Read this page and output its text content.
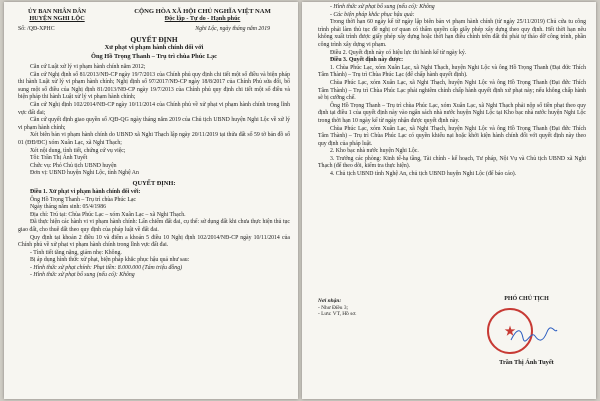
ỦY BAN NHÂN DÂN
HUYỆN NGHI LỘC
CỘNG HÒA XÃ HỘI CHỦ NGHĨA VIỆT NAM
Độc lập - Tự do - Hạnh phúc
Số: /QĐ-XPHC	Nghi Lộc, ngày tháng năm 2019
QUYẾT ĐỊNH
Xử phạt vi phạm hành chính đối với
Ông Hồ Trọng Thanh – Trụ trì chùa Phúc Lạc

Căn cứ Luật xử lý vi phạm hành chính năm 2012;

Căn cứ Nghị định số 81/2013/NĐ-CP ngày 19/7/2013 của Chính phủ quy định chi tiết một số điều và biện pháp thi hành Luật xử lý vi phạm hành chính; Nghị định số 97/2017/NĐ-CP ngày 18/8/2017 của Chính Phủ sửa đổi, bổ sung một số điều của Nghị định 81/2013/NĐ-CP ngày 19/7/2013 của Chính phủ quy định chi tiết một số điều và biện pháp thi hành Luật xử lý vi phạm hành chính;

Căn cứ Nghị định 102/2014/NĐ-CP ngày 10/11/2014 của Chính phủ về xử phạt vi phạm hành chính trong lĩnh vực đất đai;

Căn cứ quyết định giao quyền số /QĐ-QG ngày tháng năm 2019 của Chủ tịch UBND huyện Nghi Lộc về xử lý vi phạm hành chính;

Xét biên bản vi phạm hành chính do UBND xã Nghi Thạch lập ngày 20/11/2019 tại thửa đất số 59 tờ bản đồ số 01 (ĐĐ/ĐC) xóm Xuân Lạc, xã Nghi Thạch;

Xét nội dung, tình tiết, chứng cứ vụ việc;

Tôi: Trần Thị Ánh Tuyết

Chức vụ: Phó Chủ tịch UBND huyện

Đơn vị: UBND huyện Nghi Lộc, tỉnh Nghệ An

QUYẾT ĐỊNH:

Điều 1. Xử phạt vi phạm hành chính đối với:

Ông Hồ Trọng Thanh – Trụ trì chùa Phúc Lạc

Ngày tháng năm sinh: 05/4/1986

Địa chỉ: Trú tại: Chùa Phúc Lạc – xóm Xuân Lạc – xã Nghi Thạch.

Đã thực hiện các hành vi vi phạm hành chính: Lấn chiếm đất đai, cụ thể: sử dụng đất khi chưa thực hiện thủ tục giao đất, cho thuê đất theo quy định của pháp luật về đất đai.

Quy định tại khoản 2 điều 10 và điểm a khoản 5 điều 10 Nghị định 102/2014/NĐ-CP ngày 10/11/2014 của Chính phủ về xử phạt vi phạm hành chính trong lĩnh vực đất đai.

- Tình tiết tăng nặng, giảm nhẹ: Không.

Bị áp dụng hình thức xử phạt, biện pháp khắc phục hậu quả như sau:

- Hình thức xử phạt chính: Phạt tiền: 8.000.000 (Tám triệu đồng)

- Hình thức xử phạt bổ sung (nếu có): Không

- Hình thức xử phạt bổ sung (nếu có): Không

- Các biện pháp khắc phục hậu quả:

Trong thời hạn 60 ngày kể từ ngày lập biên bản vi phạm hành chính (từ ngày 25/11/2019) Chủ cửa tu công trình phải làm thủ tục đề nghị cơ quan có thẩm quyền cấp giấy phép xây dựng theo quy định. Hết thời hạn nêu không xuất trình được giấy phép xây dựng hoặc thời hạn điều chỉnh trên đất thì phải tự tháo dỡ công trình, phần công trình xây dựng vi phạm.

Điều 2. Quyết định này có hiệu lực thi hành kể từ ngày ký.

Điều 3. Quyết định này được:

1. Chùa Phúc Lạc, xóm Xuân Lạc, xã Nghi Thạch, huyện Nghi Lộc và ông Hồ Trọng Thanh (Đại đức Thích Tâm Thành) – Trụ trì Chùa Phúc Lạc (để chấp hành quyết định).

Chùa Phúc Lạc, xóm Xuân Lạc, xã Nghi Thạch, huyện Nghi Lộc và ông Hồ Trọng Thanh (Đại đức Thích Tâm Thành) – Trụ trì Chùa Phúc Lạc phải nghiêm chỉnh chấp hành quyết định xử phạt này; nếu không chấp hành sẽ bị cưỡng chế.

Ông Hồ Trọng Thanh – Trụ trì chùa Phúc Lạc, xóm Xuân Lạc, xã Nghi Thạch phải nộp số tiền phạt theo quy định tại điều 1 của quyết định này vào ngân sách nhà nước huyện Nghi Lộc tại Kho bạc nhà nước huyện Nghi Lộc trong thời hạn 10 ngày kể từ ngày nhận được quyết định này.

Chùa Phúc Lạc, xóm Xuân Lạc, xã Nghi Thạch, huyện Nghi Lộc và ông Hồ Trọng Thanh (Đại đức Thích Tâm Thành) – Trụ trì Chùa Phúc Lạc có quyền khiếu nại hoặc khởi kiện hành chính đối với quyết định này theo quy định của pháp luật.

2. Kho bạc nhà nước huyện Nghi Lộc.

3. Trưởng các phòng: Kinh tế-hạ tầng, Tài chính - kế hoạch, Tư pháp, Nội Vụ và Chủ tịch UBND xã Nghi Thạch (để theo dõi, kiểm tra thực hiện).

4. Chủ tịch UBND tỉnh Nghệ An, chủ tịch UBND huyện Nghi Lộc (để báo cáo).

Nơi nhận:
- Như Điều 3;
- Lưu: VT, Hồ sơ.
PHÓ CHỦ TỊCH
★
Trần Thị Ánh Tuyết
